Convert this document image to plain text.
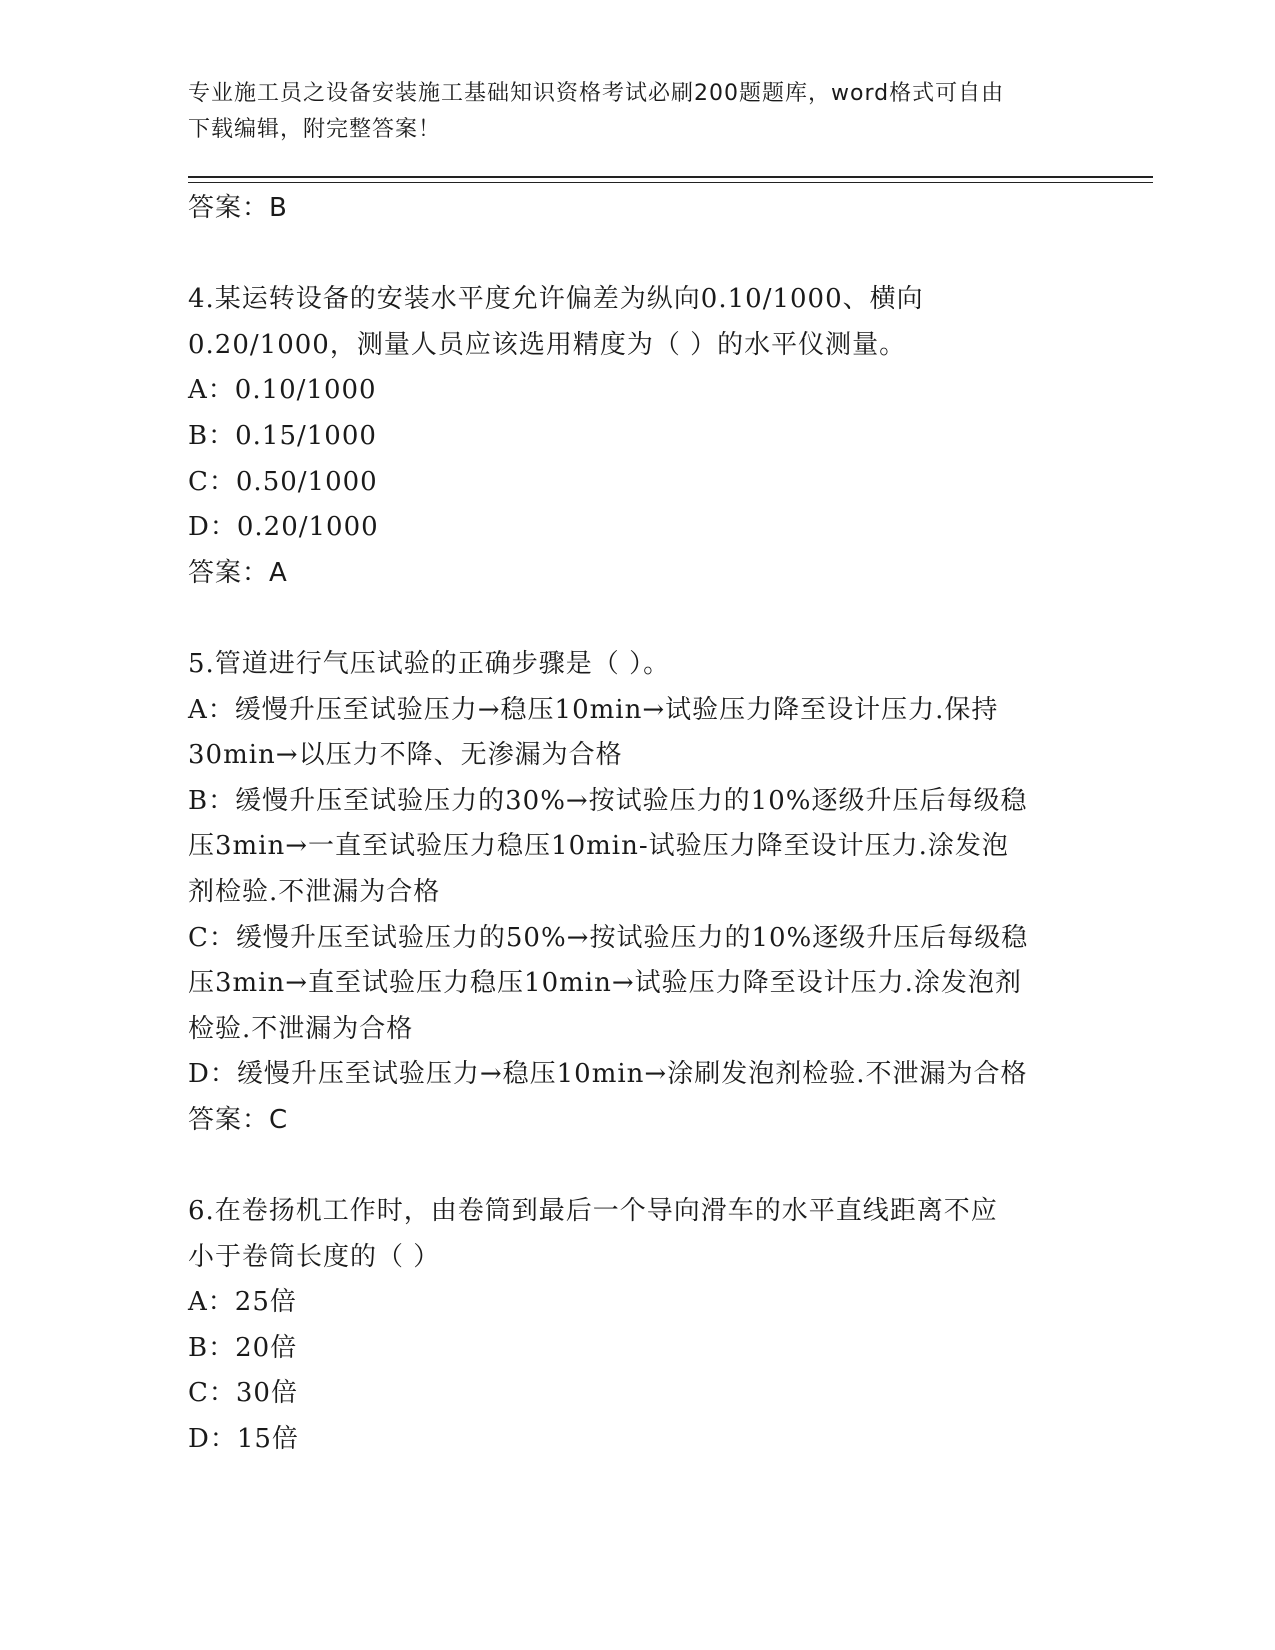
专业施工员之设备安装施工基础知识资格考试必刷200题题库，word格式可自由
下载编辑，附完整答案！
答案：B
4.某运转设备的安装水平度允许偏差为纵向0.10/1000、横向
0.20/1000，测量人员应该选用精度为（ ）的水平仪测量。
A：0.10/1000
B：0.15/1000
C：0.50/1000
D：0.20/1000
答案：A
5.管道进行气压试验的正确步骤是（ ）。
A：缓慢升压至试验压力→稳压10min→试验压力降至设计压力.保持
30min→以压力不降、无渗漏为合格
B：缓慢升压至试验压力的30%→按试验压力的10%逐级升压后每级稳
压3min→一直至试验压力稳压10min-试验压力降至设计压力.涂发泡
剂检验.不泄漏为合格
C：缓慢升压至试验压力的50%→按试验压力的10%逐级升压后每级稳
压3min→直至试验压力稳压10min→试验压力降至设计压力.涂发泡剂
检验.不泄漏为合格
D：缓慢升压至试验压力→稳压10min→涂刷发泡剂检验.不泄漏为合格
答案：C
6.在卷扬机工作时，由卷筒到最后一个导向滑车的水平直线距离不应
小于卷筒长度的（ ）
A：25倍
B：20倍
C：30倍
D：15倍
